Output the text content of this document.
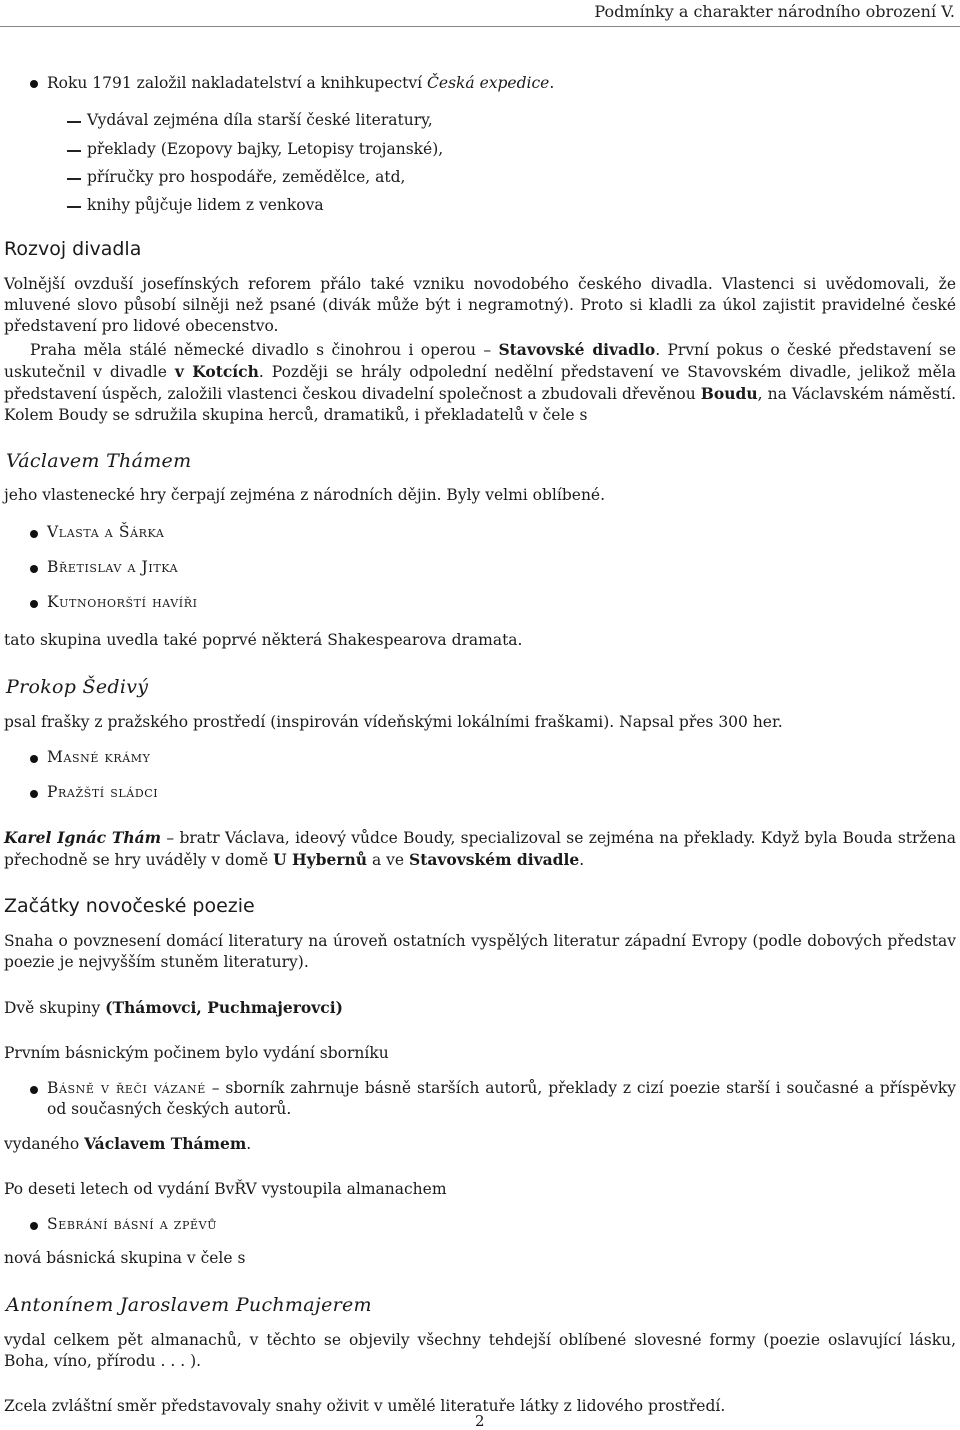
Podmínky a charakter národního obrození V.
Roku 1791 založil nakladatelství a knihkupectví Česká expedice.
Vydával zejména díla starší české literatury,
překlady (Ezopovy bajky, Letopisy trojanské),
příručky pro hospodáře, zemědělce, atd,
knihy půjčuje lidem z venkova
Rozvoj divadla
Volnější ovzduší josefínských reforem přálo také vzniku novodobého českého divadla. Vlastenci si uvědomovali, že mluvené slovo působí silněji než psané (divák může být i negramotný). Proto si kladli za úkol zajistit pravidelné české představení pro lidové obecenstvo.
Praha měla stálé německé divadlo s činohrou i operou – Stavovské divadlo. První pokus o české představení se uskutečnil v divadle v Kotcích. Později se hrály odpolední nedělní představení ve Stavovském divadle, jelikož měla představení úspěch, založili vlastenci českou divadelní společnost a zbudovali dřevěnou Boudu, na Václavském náměstí. Kolem Boudy se sdružila skupina herců, dramatiků, i překladatelů v čele s
Václavem Thámem
jeho vlastenecké hry čerpají zejména z národních dějin. Byly velmi oblíbené.
Vlasta a Šárka
Břetislav a Jitka
Kutnohorští havíři
tato skupina uvedla také poprvé některá Shakespearova dramata.
Prokop Šedivý
psal frašky z pražského prostředí (inspirován vídeňskými lokálními fraškami). Napsal přes 300 her.
Masné krámy
Pražští sládci
Karel Ignác Thám – bratr Václava, ideový vůdce Boudy, specializoval se zejména na překlady. Když byla Bouda stržena přechodně se hry uváděly v domě U Hybernů a ve Stavovském divadle.
Začátky novočeské poezie
Snaha o povznesení domácí literatury na úroveň ostatních vyspělých literatur západní Evropy (podle dobových představ poezie je nejvyšším stuněm literatury).
Dvě skupiny (Thámovci, Puchmajerovci)
Prvním básnickým počinem bylo vydání sborníku
Básně v řeči vázané – sborník zahrnuje básně starších autorů, překlady z cizí poezie starší i současné a příspěvky od současných českých autorů.
vydaného Václavem Thámem.
Po deseti letech od vydání BvŘV vystoupila almanachem
Sebrání básní a zpěvů
nová básnická skupina v čele s
Antonínem Jaroslavem Puchmajerem
vydal celkem pět almanachů, v těchto se objevily všechny tehdejší oblíbené slovesné formy (poezie oslavující lásku, Boha, víno, přírodu . . . ).
Zcela zvláštní směr představovaly snahy oživit v umělé literatuře látky z lidového prostředí.
2
